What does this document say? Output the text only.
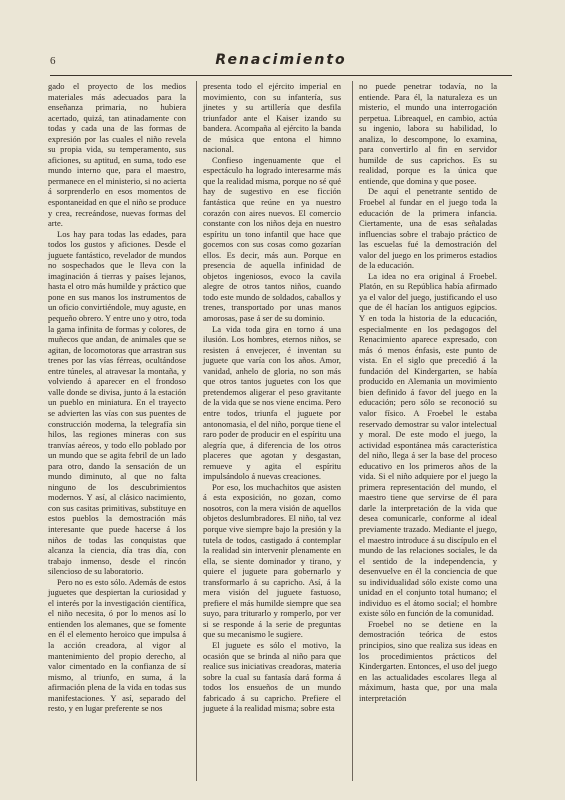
6	Renacimiento

gado el proyecto de los medios materiales más adecuados para la enseñanza primaria, no hubiera acertado, quizá, tan atinadamente con todas y cada una de las formas de expresión por las cuales el niño revela su propia vida, su temperamento, sus aficiones, su aptitud, en suma, todo ese mundo interno que, para el maestro, permanece en el ministerio, si no acierta á sorprenderlo en esos momentos de espontaneidad en que el niño se produce y crea, recreándose, nuevas formas del arte.

Los hay para todas las edades, para todos los gustos y aficiones. Desde el juguete fantástico, revelador de mundos no sospechados que le lleva con la imaginación á tierras y países lejanos, hasta el otro más humilde y práctico que pone en sus manos los instrumentos de un oficio convirtiéndole, muy aguste, en pequeño obrero. Y entre uno y otro, toda la gama infinita de formas y colores, de muñecos que andan, de animales que se agitan, de locomotoras que arrastran sus trenes por las vías férreas, ocultándose entre túneles, al atravesar la montaña, y volviendo á aparecer en el frondoso valle donde se divisa, junto á la estación un pueblo en miniatura. En el trayecto se advierten las vías con sus puentes de construcción moderna, la telegrafía sin hilos, las regiones mineras con sus tranvías aéreos, y todo ello poblado por un mundo que se agita febril de un lado para otro, dando la sensación de un mundo diminuto, al que no falta ninguno de los descubrimientos modernos. Y así, al clásico nacimiento, con sus casitas primitivas, substituye en estos pueblos la demostración más interesante que puede hacerse á los niños de todas las conquistas que alcanza la ciencia, día tras día, con trabajo inmenso, desde el rincón silencioso de su laboratorio.

Pero no es esto sólo. Además de estos juguetes que despiertan la curiosidad y el interés por la investigación científica, el niño necesita, ó por lo menos así lo entienden los alemanes, que se fomente en él el elemento heroico que impulsa á la acción creadora, al vigor al mantenimiento del propio derecho, al valor cimentado en la confianza de sí mismo, al triunfo, en suma, á la afirmación plena de la vida en todas sus manifestaciones. Y así, separado del resto, y en lugar preferente se nos

presenta todo el ejército imperial en movimiento, con su infantería, sus jinetes y su artillería que desfila triunfador ante el Kaiser izando su bandera. Acompaña al ejército la banda de música que entona el himno nacional.

Confieso ingenuamente que el espectáculo ha logrado interesarme más que la realidad misma, porque no sé qué hay de sugestivo en ese ficción fantástica que reúne en ya nuestro corazón con aires nuevos. El comercio constante con los niños deja en nuestro espíritu un tono infantil que hace que gocemos con sus cosas como gozarían ellos. Es decir, más aun. Porque en presencia de aquella infinidad de objetos ingeniosos, evoco la cavila alegre de otros tantos niños, cuando todo este mundo de soldados, caballos y trenes, transportado por unas manos amorosas, pase á ser de su dominio.

La vida toda gira en torno á una ilusión. Los hombres, eternos niños, se resisten á envejecer, é inventan su juguete que varía con los años. Amor, vanidad, anhelo de gloria, no son más que otros tantos juguetes con los que pretendemos aligerar el peso gravitante de la vida que se nos viene encima. Pero entre todos, triunfa el juguete por antonomasia, el del niño, porque tiene el raro poder de producir en el espíritu una alegría que, á diferencia de los otros placeres que agotan y desgastan, remueve y agita el espíritu impulsándolo á nuevas creaciones.

Por eso, los muchachitos que asisten á esta exposición, no gozan, como nosotros, con la mera visión de aquellos objetos deslumbradores. El niño, tal vez porque vive siempre bajo la presión y la tutela de todos, castigado á contemplar la realidad sin intervenir plenamente en ella, se siente dominador y tirano, y quiere el juguete para gobernarlo y transformarlo á su capricho. Así, á la mera visión del juguete fastuoso, prefiere el más humilde siempre que sea suyo, para triturarlo y romperlo, por ver si se responde á la serie de preguntas que su mecanismo le sugiere.

El juguete es sólo el motivo, la ocasión que se brinda al niño para que realice sus iniciativas creadoras, materia sobre la cual su fantasía dará forma á todos los ensueños de un mundo fabricado á su capricho. Prefiere el juguete á la realidad misma; sobre esta

no puede penetrar todavía, no la entiende. Para él, la naturaleza es un misterio, el mundo una interrogación perpetua. Libreaquel, en cambio, actúa su ingenio, labora su habilidad, lo analiza, lo descompone, lo examina, para convertirlo al fin en servidor humilde de sus caprichos. Es su realidad, porque es la única que entiende, que domina y que posee.

De aquí el penetrante sentido de Froebel al fundar en el juego toda la educación de la primera infancia. Ciertamente, una de esas señaladas influencias sobre el trabajo práctico de las escuelas fué la demostración del valor del juego en los primeros estadios de la educación.

La idea no era original á Froebel. Platón, en su República había afirmado ya el valor del juego, justificando el uso que de él hacían los antiguos egipcios. Y en toda la historia de la educación, especialmente en los pedagogos del Renacimiento aparece expresado, con más ó menos énfasis, este punto de vista. En el siglo que precedió á la fundación del Kindergarten, se había producido en Alemania un movimiento bien definido á favor del juego en la educación; pero sólo se reconoció su valor físico. A Froebel le estaba reservado demostrar su valor intelectual y moral. De este modo el juego, la actividad espontánea más característica del niño, llega á ser la base del proceso educativo en los primeros años de la vida. Si el niño adquiere por el juego la primera representación del mundo, el maestro tiene que servirse de él para darle la interpretación de la vida que desea comunicarle, conforme al ideal previamente trazado. Mediante el juego, el maestro introduce á su discípulo en el mundo de las relaciones sociales, le da el sentido de la independencia, y desenvuelve en él la conciencia de que su individualidad sólo existe como una unidad en el conjunto total humano; el individuo es el átomo social; el hombre existe sólo en función de la comunidad.

Froebel no se detiene en la demostración teórica de estos principios, sino que realiza sus ideas en los procedimientos prácticos del Kindergarten. Entonces, el uso del juego en las actualidades escolares llega al máximum, hasta que, por una mala interpretación
